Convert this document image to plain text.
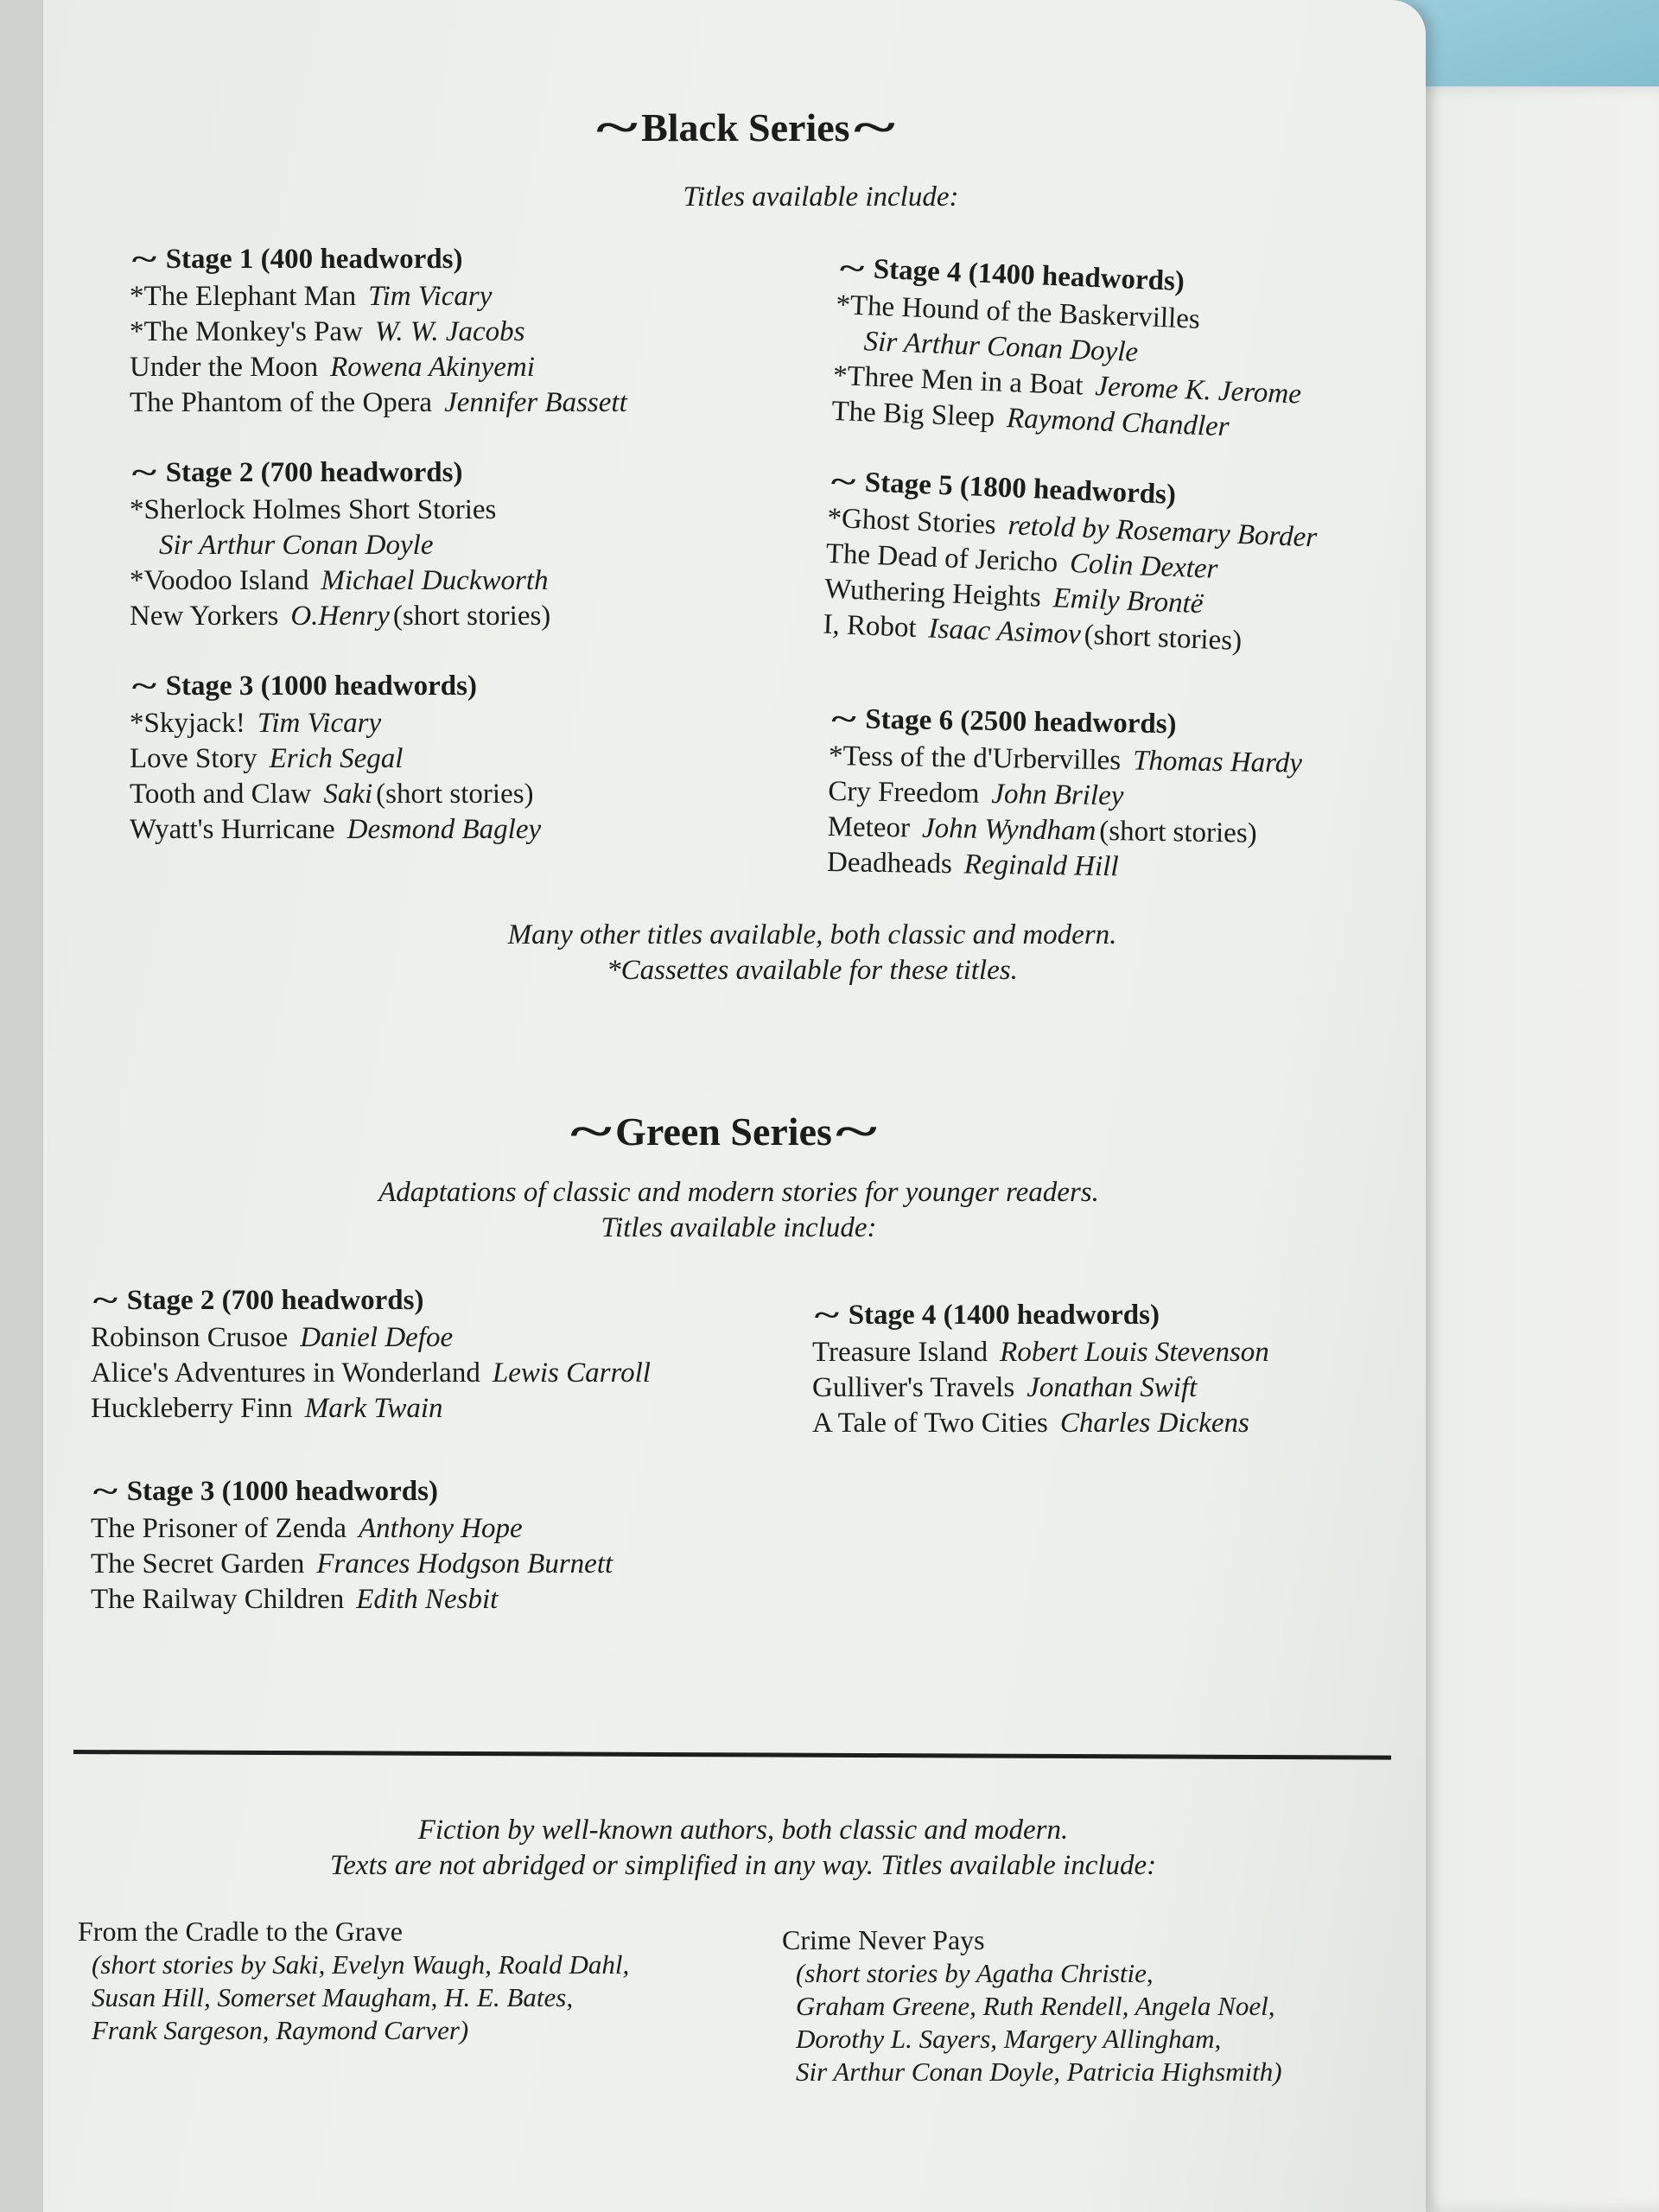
~ Black Series ~
Titles available include:
~ Stage 1 (400 headwords)
*The Elephant Man Tim Vicary
*The Monkey's Paw W. W. Jacobs
Under the Moon Rowena Akinyemi
The Phantom of the Opera Jennifer Bassett
~ Stage 2 (700 headwords)
*Sherlock Holmes Short Stories
Sir Arthur Conan Doyle
*Voodoo Island Michael Duckworth
New Yorkers O.Henry (short stories)
~ Stage 3 (1000 headwords)
*Skyjack! Tim Vicary
Love Story Erich Segal
Tooth and Claw Saki (short stories)
Wyatt's Hurricane Desmond Bagley
~ Stage 4 (1400 headwords)
*The Hound of the Baskervilles
Sir Arthur Conan Doyle
*Three Men in a Boat Jerome K. Jerome
The Big Sleep Raymond Chandler
~ Stage 5 (1800 headwords)
*Ghost Stories retold by Rosemary Border
The Dead of Jericho Colin Dexter
Wuthering Heights Emily Brontë
I, Robot Isaac Asimov(short stories)
~ Stage 6 (2500 headwords)
*Tess of the d'Urbervilles Thomas Hardy
Cry Freedom John Briley
Meteor John Wyndham (short stories)
Deadheads Reginald Hill
Many other titles available, both classic and modern.
*Cassettes available for these titles.
~ Green Series ~
Adaptations of classic and modern stories for younger readers.
Titles available include:
~ Stage 2 (700 headwords)
Robinson Crusoe Daniel Defoe
Alice's Adventures in Wonderland Lewis Carroll
Huckleberry Finn Mark Twain
~ Stage 3 (1000 headwords)
The Prisoner of Zenda Anthony Hope
The Secret Garden Frances Hodgson Burnett
The Railway Children Edith Nesbit
~ Stage 4 (1400 headwords)
Treasure Island Robert Louis Stevenson
Gulliver's Travels Jonathan Swift
A Tale of Two Cities Charles Dickens
Fiction by well-known authors, both classic and modern.
Texts are not abridged or simplified in any way. Titles available include:
From the Cradle to the Grave
(short stories by Saki, Evelyn Waugh, Roald Dahl,
Susan Hill, Somerset Maugham, H. E. Bates,
Frank Sargeson, Raymond Carver)
Crime Never Pays
(short stories by Agatha Christie,
Graham Greene, Ruth Rendell, Angela Noel,
Dorothy L. Sayers, Margery Allingham,
Sir Arthur Conan Doyle, Patricia Highsmith)
